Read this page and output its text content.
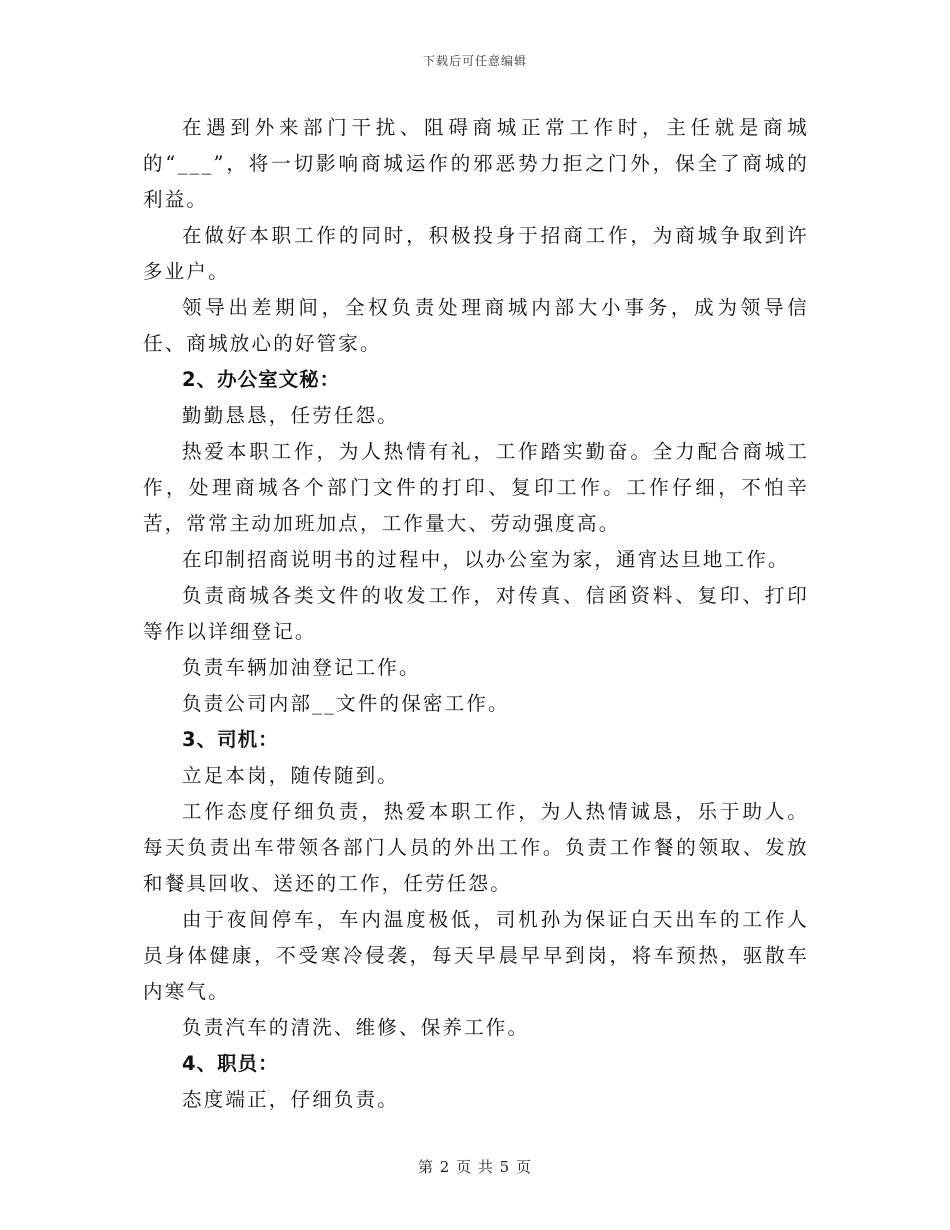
下载后可任意编辑

在遇到外来部门干扰、阻碍商城正常工作时，主任就是商城的“___”，将一切影响商城运作的邪恶势力拒之门外，保全了商城的利益。

在做好本职工作的同时，积极投身于招商工作，为商城争取到许多业户。

领导出差期间，全权负责处理商城内部大小事务，成为领导信任、商城放心的好管家。

2、办公室文秘：

勤勤恳恳，任劳任怨。

热爱本职工作，为人热情有礼，工作踏实勤奋。全力配合商城工作，处理商城各个部门文件的打印、复印工作。工作仔细，不怕辛苦，常常主动加班加点，工作量大、劳动强度高。

在印制招商说明书的过程中，以办公室为家，通宵达旦地工作。

负责商城各类文件的收发工作，对传真、信函资料、复印、打印等作以详细登记。

负责车辆加油登记工作。

负责公司内部__文件的保密工作。

3、司机：

立足本岗，随传随到。

工作态度仔细负责，热爱本职工作，为人热情诚恳，乐于助人。每天负责出车带领各部门人员的外出工作。负责工作餐的领取、发放和餐具回收、送还的工作，任劳任怨。

由于夜间停车，车内温度极低，司机孙为保证白天出车的工作人员身体健康，不受寒冷侵袭，每天早晨早早到岗，将车预热，驱散车内寒气。

负责汽车的清洗、维修、保养工作。

4、职员：

态度端正，仔细负责。

第 2 页 共 5 页
